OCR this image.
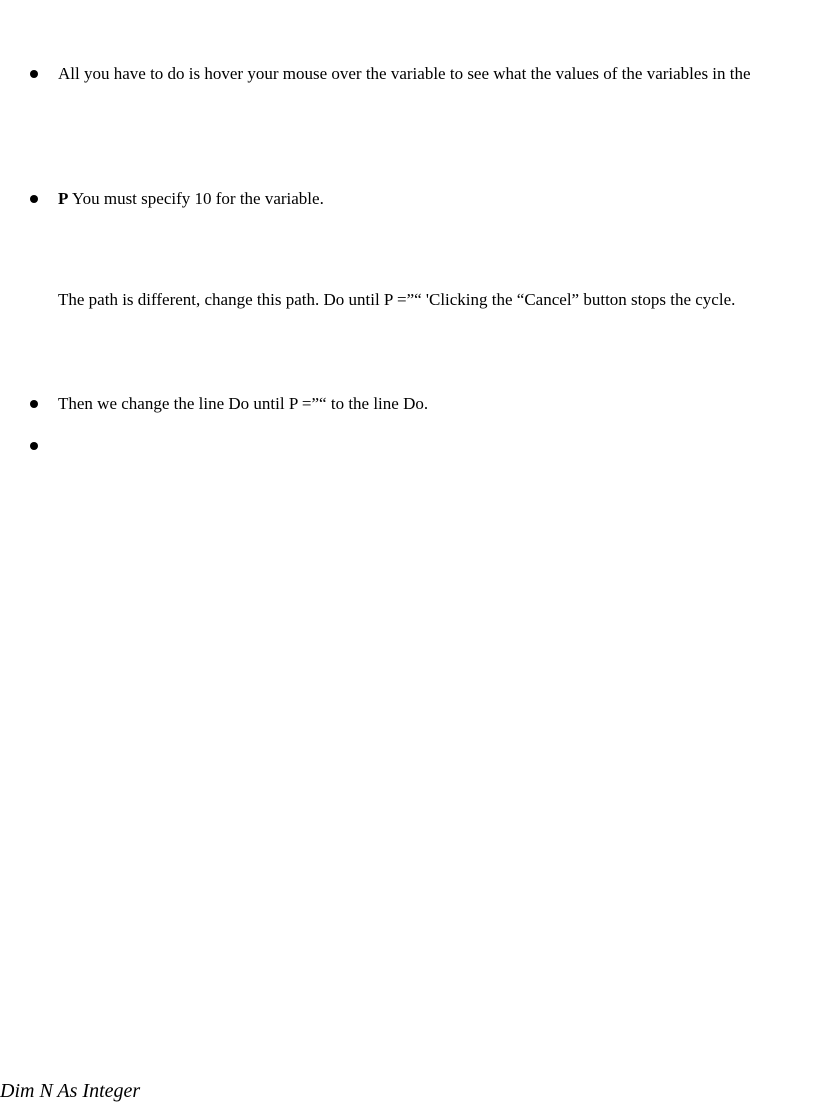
All you have to do is hover your mouse over the variable to see what the values of the variables in the
P You must specify 10 for the variable.
The path is different, change this path. Do until P =”“ 'Clicking the “Cancel” button stops the cycle.
Then we change the line Do until P =”“ to the line Do.
Dim N As Integer
